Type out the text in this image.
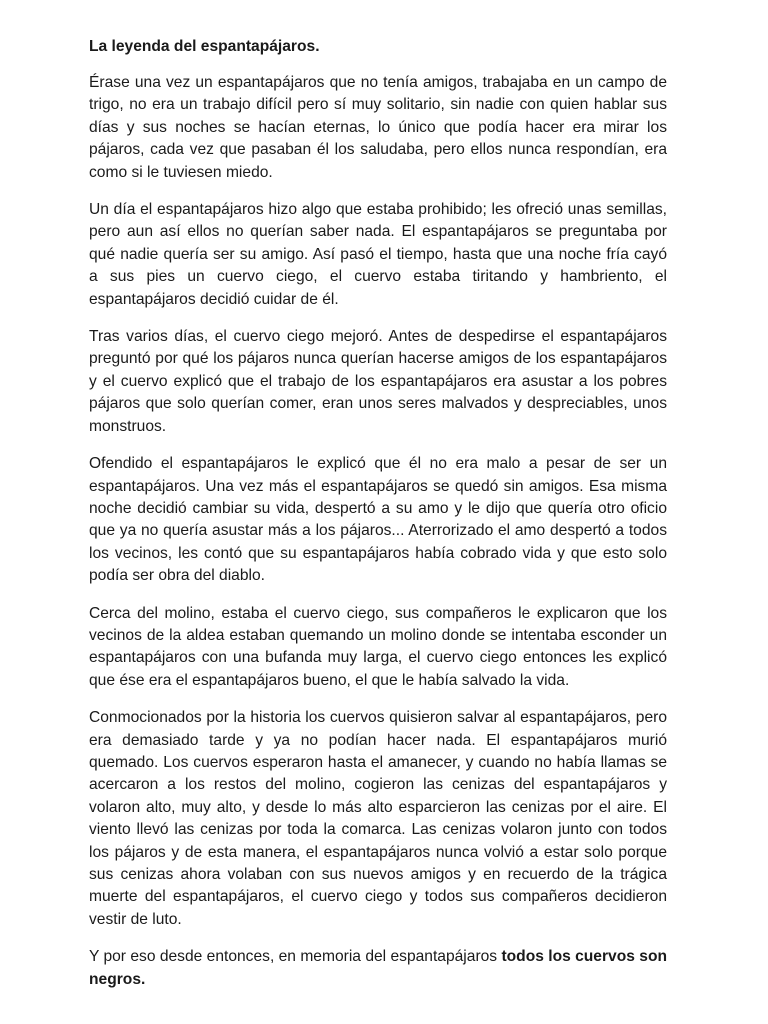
La leyenda del espantapájaros.

Érase una vez un espantapájaros que no tenía amigos, trabajaba en un campo de trigo, no era un trabajo difícil pero sí muy solitario, sin nadie con quien hablar sus días y sus noches se hacían eternas, lo único que podía hacer era mirar los pájaros, cada vez que pasaban él los saludaba, pero ellos nunca respondían, era como si le tuviesen miedo.

Un día el espantapájaros hizo algo que estaba prohibido; les ofreció unas semillas, pero aun así ellos no querían saber nada. El espantapájaros se preguntaba por qué nadie quería ser su amigo. Así pasó el tiempo, hasta que una noche fría cayó a sus pies un cuervo ciego, el cuervo estaba tiritando y hambriento, el espantapájaros decidió cuidar de él.

Tras varios días, el cuervo ciego mejoró. Antes de despedirse el espantapájaros preguntó por qué los pájaros nunca querían hacerse amigos de los espantapájaros y el cuervo explicó que el trabajo de los espantapájaros era asustar a los pobres pájaros que solo querían comer, eran unos seres malvados y despreciables, unos monstruos.

Ofendido el espantapájaros le explicó que él no era malo a pesar de ser un espantapájaros. Una vez más el espantapájaros se quedó sin amigos. Esa misma noche decidió cambiar su vida, despertó a su amo y le dijo que quería otro oficio que ya no quería asustar más a los pájaros... Aterrorizado el amo despertó a todos los vecinos, les contó que su espantapájaros había cobrado vida y que esto solo podía ser obra del diablo.

Cerca del molino, estaba el cuervo ciego, sus compañeros le explicaron que los vecinos de la aldea estaban quemando un molino donde se intentaba esconder un espantapájaros con una bufanda muy larga, el cuervo ciego entonces les explicó que ése era el espantapájaros bueno, el que le había salvado la vida.

Conmocionados por la historia los cuervos quisieron salvar al espantapájaros, pero era demasiado tarde y ya no podían hacer nada. El espantapájaros murió quemado. Los cuervos esperaron hasta el amanecer, y cuando no había llamas se acercaron a los restos del molino, cogieron las cenizas del espantapájaros y volaron alto, muy alto, y desde lo más alto esparcieron las cenizas por el aire. El viento llevó las cenizas por toda la comarca. Las cenizas volaron junto con todos los pájaros y de esta manera, el espantapájaros nunca volvió a estar solo porque sus cenizas ahora volaban con sus nuevos amigos y en recuerdo de la trágica muerte del espantapájaros, el cuervo ciego y todos sus compañeros decidieron vestir de luto.

Y por eso desde entonces, en memoria del espantapájaros todos los cuervos son negros.
